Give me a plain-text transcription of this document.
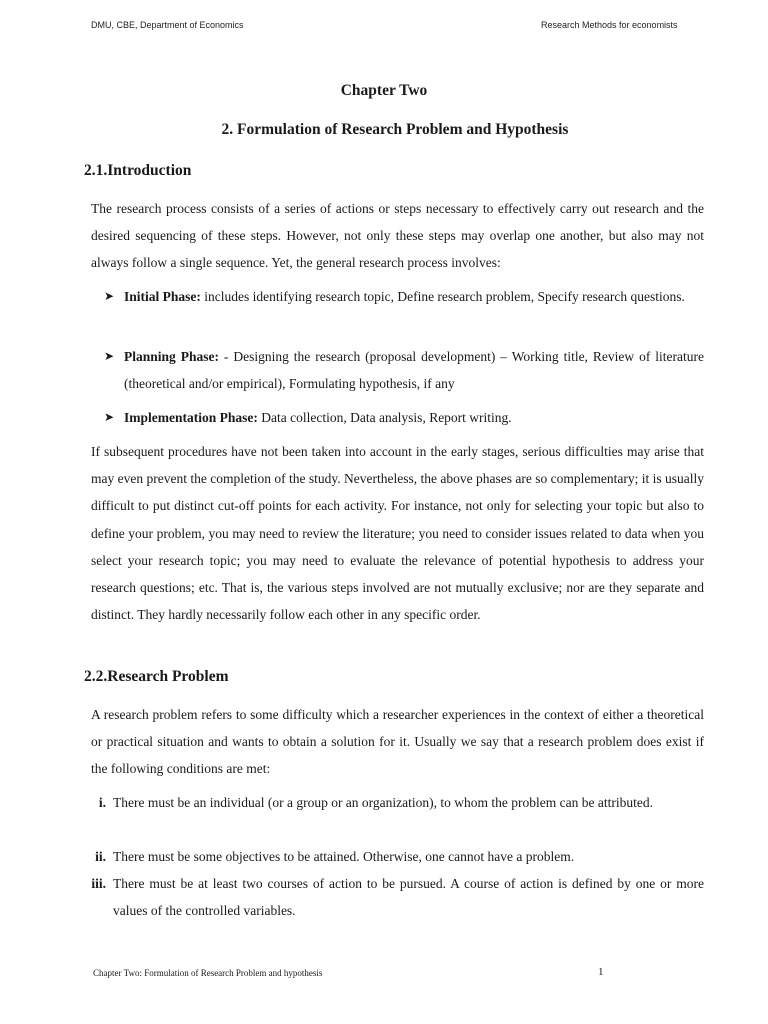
DMU, CBE, Department of Economics	Research Methods for economists
Chapter Two
2. Formulation of Research Problem and Hypothesis
2.1.Introduction

The research process consists of a series of actions or steps necessary to effectively carry out research and the desired sequencing of these steps. However, not only these steps may overlap one another, but also may not always follow a single sequence. Yet, the general research process involves:

➤ Initial Phase: includes identifying research topic, Define research problem, Specify research questions.
➤ Planning Phase: - Designing the research (proposal development) – Working title, Review of literature (theoretical and/or empirical), Formulating hypothesis, if any
➤ Implementation Phase: Data collection, Data analysis, Report writing.

If subsequent procedures have not been taken into account in the early stages, serious difficulties may arise that may even prevent the completion of the study. Nevertheless, the above phases are so complementary; it is usually difficult to put distinct cut-off points for each activity. For instance, not only for selecting your topic but also to define your problem, you may need to review the literature; you need to consider issues related to data when you select your research topic; you may need to evaluate the relevance of potential hypothesis to address your research questions; etc. That is, the various steps involved are not mutually exclusive; nor are they separate and distinct. They hardly necessarily follow each other in any specific order.

2.2.Research Problem

A research problem refers to some difficulty which a researcher experiences in the context of either a theoretical or practical situation and wants to obtain a solution for it. Usually we say that a research problem does exist if the following conditions are met:

i. There must be an individual (or a group or an organization), to whom the problem can be attributed.
ii. There must be some objectives to be attained. Otherwise, one cannot have a problem.
iii. There must be at least two courses of action to be pursued. A course of action is defined by one or more values of the controlled variables.
Chapter Two: Formulation of Research Problem and hypothesis	1
